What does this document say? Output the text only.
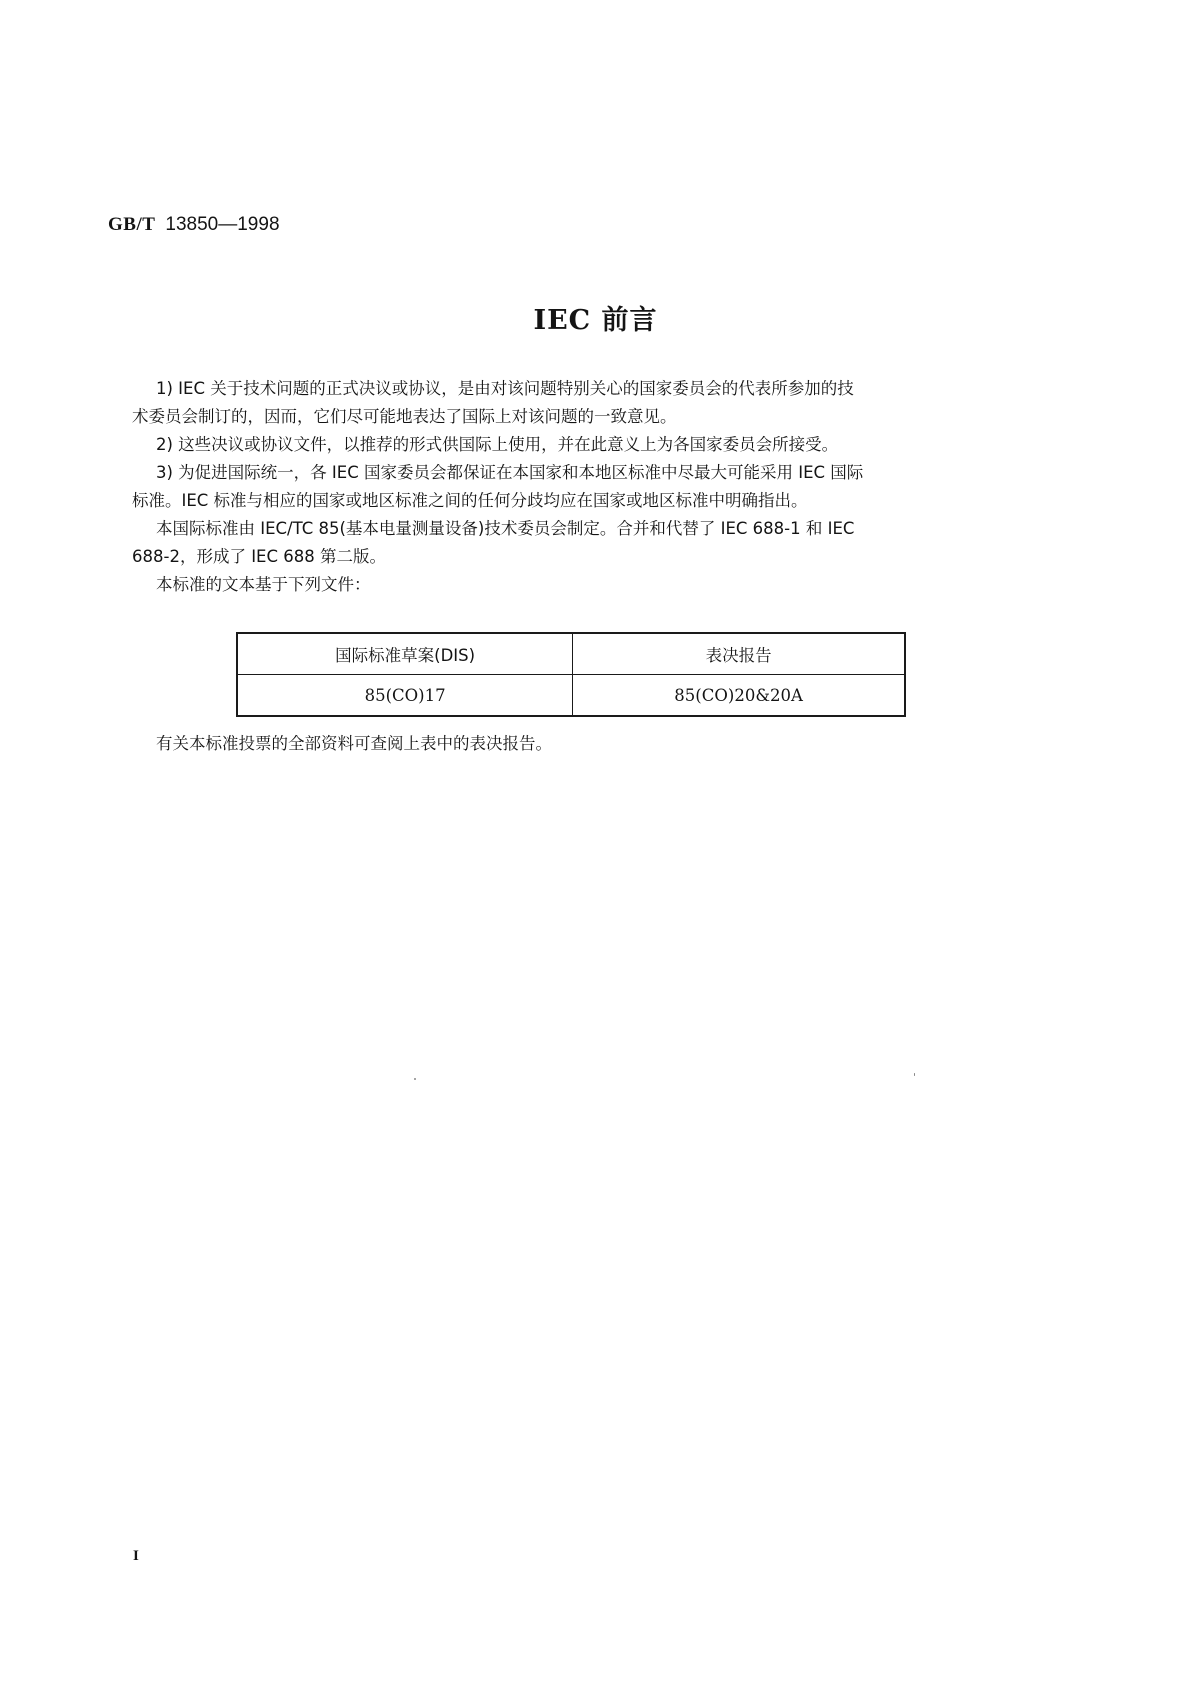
GB/T 13850—1998
IEC 前言
1) IEC 关于技术问题的正式决议或协议，是由对该问题特别关心的国家委员会的代表所参加的技
术委员会制订的，因而，它们尽可能地表达了国际上对该问题的一致意见。
2) 这些决议或协议文件，以推荐的形式供国际上使用，并在此意义上为各国家委员会所接受。
3) 为促进国际统一，各 IEC 国家委员会都保证在本国家和本地区标准中尽最大可能采用 IEC 国际
标准。IEC 标准与相应的国家或地区标准之间的任何分歧均应在国家或地区标准中明确指出。
本国际标准由 IEC/TC 85(基本电量测量设备)技术委员会制定。合并和代替了 IEC 688-1 和 IEC
688-2，形成了 IEC 688 第二版。
本标准的文本基于下列文件：
国际标准草案(DIS)	表决报告
85(CO)17	85(CO)20&20A
有关本标准投票的全部资料可查阅上表中的表决报告。
I
